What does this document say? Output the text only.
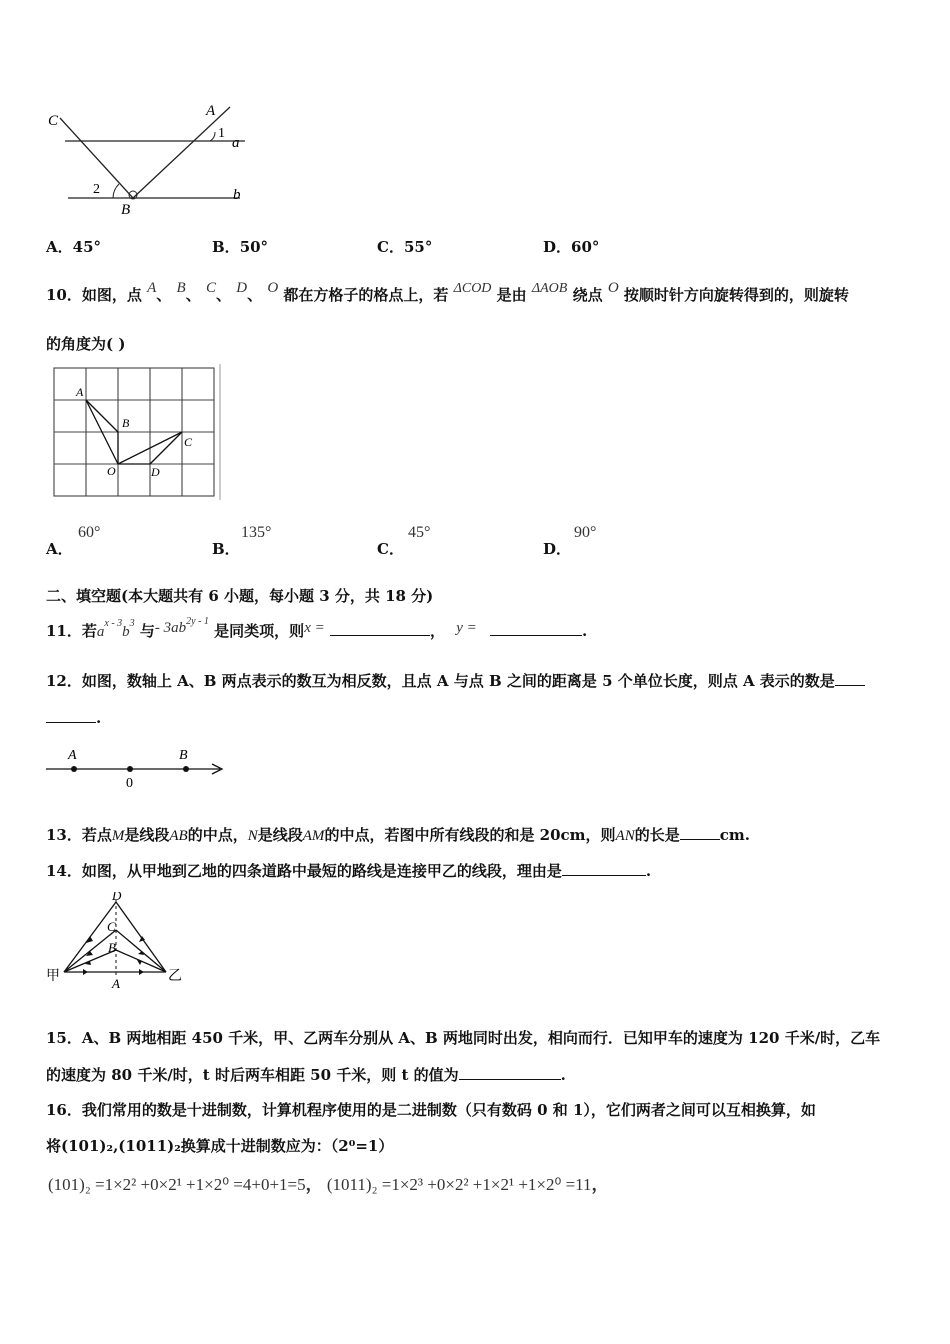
C
A
1
a
2
B
b
A．45°	B．50°	C．55°	D．60°
10．如图，点 A、 B、 C、 D、 O 都在方格子的格点上，若 ΔCOD 是由 ΔAOB 绕点 O 按顺时针方向旋转得到的，则旋转
的角度为( )
A
B
C
O	D
A．
60°
B．
135°
C．
45°
D．
90°
二、填空题(本大题共有 6 小题，每小题 3 分，共 18 分)
11．若$a^{x - 3}b^3$ 与- $3ab^{2y - 1}$ 是同类项，则x =	， y =	.
12．如图，数轴上 A、B 两点表示的数互为相反数，且点 A 与点 B 之间的距离是 5 个单位长度，则点 A 表示的数是
.
A
0
B
13．若点M是线段AB的中点，N是线段AM的中点，若图中所有线段的和是 20cm，则AN的长是	cm.
14．如图，从甲地到乙地的四条道路中最短的路线是连接甲乙的线段，理由是	.
D
C
B
A
甲	乙
15．A、B 两地相距 450 千米，甲、乙两车分别从 A、B 两地同时出发，相向而行．已知甲车的速度为 120 千米/时，乙车
的速度为 80 千米/时，t 时后两车相距 50 千米，则 t 的值为	.
16．我们常用的数是十进制数，计算机程序使用的是二进制数（只有数码 0 和 1），它们两者之间可以互相换算，如
将(101)₂,(1011)₂换算成十进制数应为：（2⁰=1）
(101)₂ =1×2² +0×2¹ +1×2⁰ =4+0+1=5， (1011)₂ =1×2³ +0×2² +1×2¹ +1×2⁰ =11，
